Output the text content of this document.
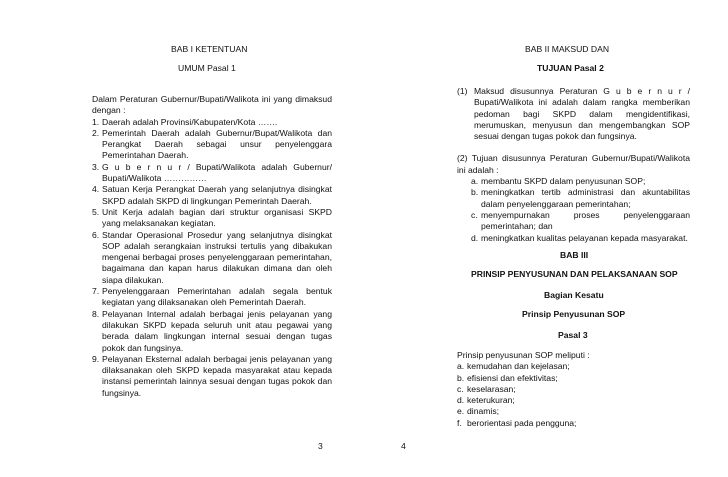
BAB I KETENTUAN
UMUM Pasal 1
Dalam Peraturan Gubernur/Bupati/Walikota ini yang dimaksud dengan :
1. Daerah adalah Provinsi/Kabupaten/Kota …….
2. Pemerintah Daerah adalah Gubernur/Bupat/Walikota dan Perangkat Daerah sebagai unsur penyelenggara Pemerintahan Daerah.
3. G u b e r n u r / Bupati/Walikota adalah Gubernur/ Bupati/Walikota ……………
4. Satuan Kerja Perangkat Daerah yang selanjutnya disingkat SKPD adalah SKPD di lingkungan Pemerintah Daerah.
5. Unit Kerja adalah bagian dari struktur organisasi SKPD yang melaksanakan kegiatan.
6. Standar Operasional Prosedur yang selanjutnya disingkat SOP adalah serangkaian instruksi tertulis yang dibakukan mengenai berbagai proses penyelenggaraan pemerintahan, bagaimana dan kapan harus dilakukan dimana dan oleh siapa dilakukan.
7. Penyelenggaraan Pemerintahan adalah segala bentuk kegiatan yang dilaksanakan oleh Pemerintah Daerah.
8. Pelayanan Internal adalah berbagai jenis pelayanan yang dilakukan SKPD kepada seluruh unit atau pegawai yang berada dalam lingkungan internal sesuai dengan tugas pokok dan fungsinya.
9. Pelayanan Eksternal adalah berbagai jenis pelayanan yang dilaksanakan oleh SKPD kepada masyarakat atau kepada instansi pemerintah lainnya sesuai dengan tugas pokok dan fungsinya.
3
BAB II MAKSUD DAN
TUJUAN Pasal 2
(1) Maksud disusunnya Peraturan G u b e r n u r / Bupati/Walikota ini adalah dalam rangka memberikan pedoman bagi SKPD dalam mengidentifikasi, merumuskan, menyusun dan mengembangkan SOP sesuai dengan tugas pokok dan fungsinya.
(2) Tujuan disusunnya Peraturan Gubernur/Bupati/Walikota ini adalah :
a. membantu SKPD dalam penyusunan SOP;
b. meningkatkan tertib administrasi dan akuntabilitas dalam penyelenggaraan pemerintahan;
c. menyempurnakan proses penyelenggaraan pemerintahan; dan
d. meningkatkan kualitas pelayanan kepada masyarakat.
BAB III
PRINSIP PENYUSUNAN DAN PELAKSANAAN SOP
Bagian Kesatu
Prinsip Penyusunan SOP
Pasal 3
Prinsip penyusunan SOP meliputi :
a. kemudahan dan kejelasan;
b. efisiensi dan efektivitas;
c. keselarasan;
d. keterukuran;
e. dinamis;
f. berorientasi pada pengguna;
4
